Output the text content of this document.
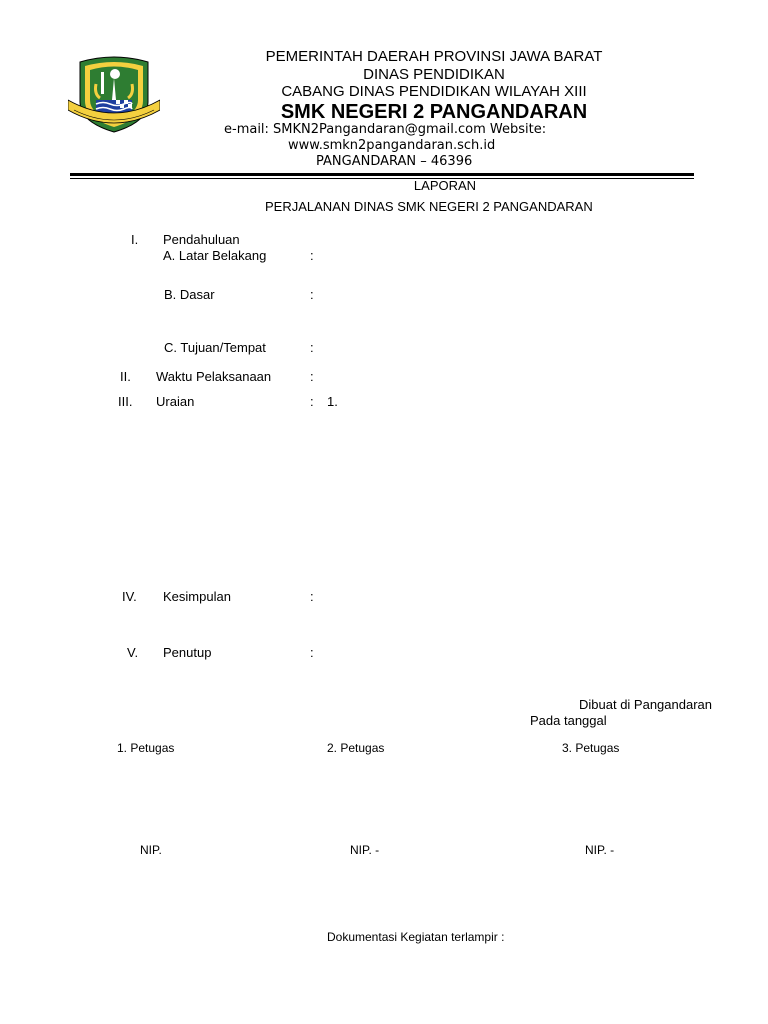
PEMERINTAH DAERAH PROVINSI JAWA BARAT
DINAS PENDIDIKAN
CABANG DINAS PENDIDIKAN WILAYAH XIII
SMK NEGERI 2 PANGANDARAN
e-mail: SMKN2Pangandaran@gmail.com Website:
www.smkn2pangandaran.sch.id
PANGANDARAN – 46396
LAPORAN
PERJALANAN DINAS SMK NEGERI 2 PANGANDARAN
I. Pendahuluan
A. Latar Belakang	:
B. Dasar	:
C. Tujuan/Tempat	:
II. Waktu Pelaksanaan	:
III. Uraian	: 1.
IV. Kesimpulan	:
V. Penutup	:
Dibuat di Pangandaran
Pada tanggal
1. Petugas	2. Petugas	3. Petugas
NIP.	NIP. -	NIP. -
Dokumentasi Kegiatan terlampir :
